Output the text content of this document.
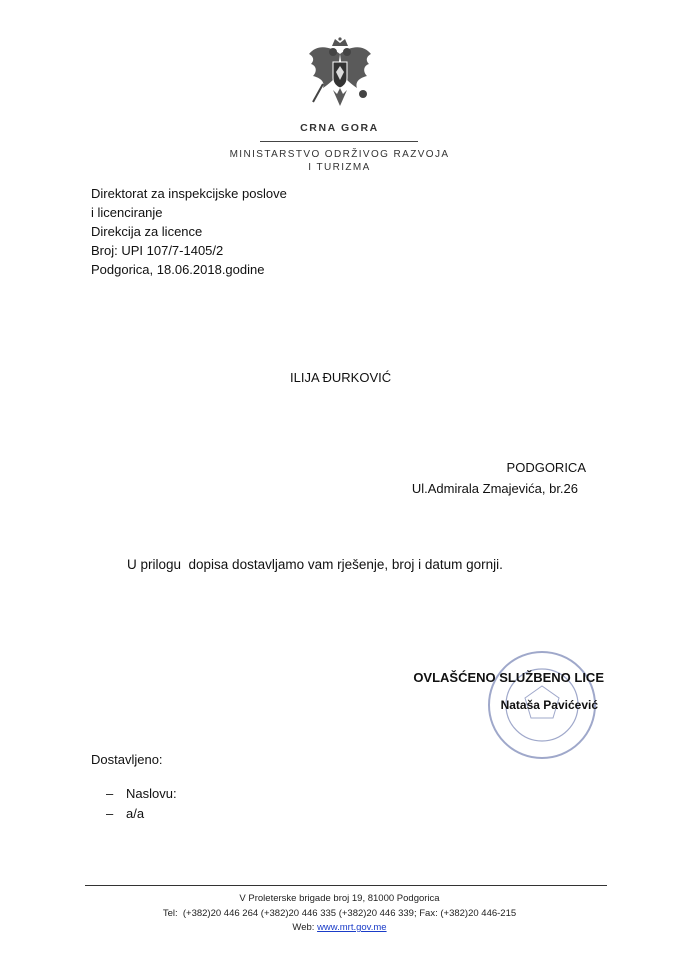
CRNA GORA
MINISTARSTVO ODRŽIVOG RAZVOJA
I TURIZMA
Direktorat za inspekcijske poslove
i licenciranje
Direkcija za licence
Broj: UPI 107/7-1405/2
Podgorica, 18.06.2018.godine
ILIJA ĐURKOVIĆ
PODGORICA
Ul.Admirala Zmajevića, br.26
U prilogu  dopisa dostavljamo vam rješenje, broj i datum gornji.
OVLAŠĆENO SLUŽBENO LICE
Nataša Pavićević
Dostavljeno:
– Naslovu:
– a/a
V Proleterske brigade broj 19, 81000 Podgorica
Tel:  (+382)20 446 264 (+382)20 446 335 (+382)20 446 339; Fax: (+382)20 446-215
Web: www.mrt.gov.me
